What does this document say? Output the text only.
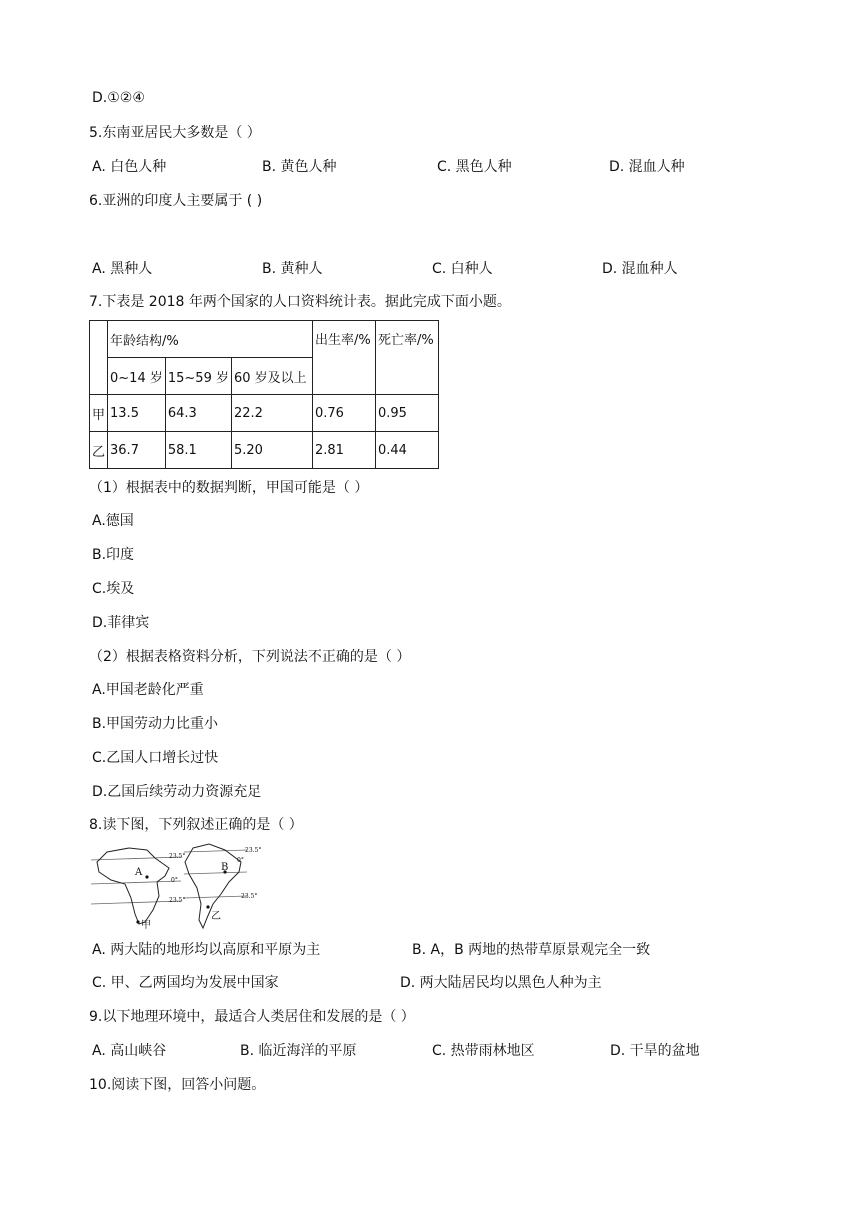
D.①②④
5.东南亚居民大多数是（ ）
A. 白色人种	B. 黄色人种	C. 黑色人种	D. 混血人种
6.亚洲的印度人主要属于 ( )
A. 黑种人	B. 黄种人	C. 白种人	D. 混血种人
7.下表是 2018 年两个国家的人口资料统计表。据此完成下面小题。
	年龄结构/%			出生率/%	死亡率/%
	0~14 岁	15~59 岁	60 岁及以上		
甲	13.5	64.3	22.2	0.76	0.95
乙	36.7	58.1	5.20	2.81	0.44
（1）根据表中的数据判断，甲国可能是（ ）
A.德国
B.印度
C.埃及
D.菲律宾
（2）根据表格资料分析，下列说法不正确的是（ ）
A.甲国老龄化严重
B.甲国劳动力比重小
C.乙国人口增长过快
D.乙国后续劳动力资源充足
8.读下图，下列叙述正确的是（ ）
A	B
甲
乙
23.5°
0°
23.5°
23.5°
0°
23.5°
A. 两大陆的地形均以高原和平原为主	B. A，B 两地的热带草原景观完全一致
C. 甲、乙两国均为发展中国家	D. 两大陆居民均以黑色人种为主
9.以下地理环境中，最适合人类居住和发展的是（ ）
A. 高山峡谷	B. 临近海洋的平原	C. 热带雨林地区	D. 干旱的盆地
10.阅读下图，回答小问题。
